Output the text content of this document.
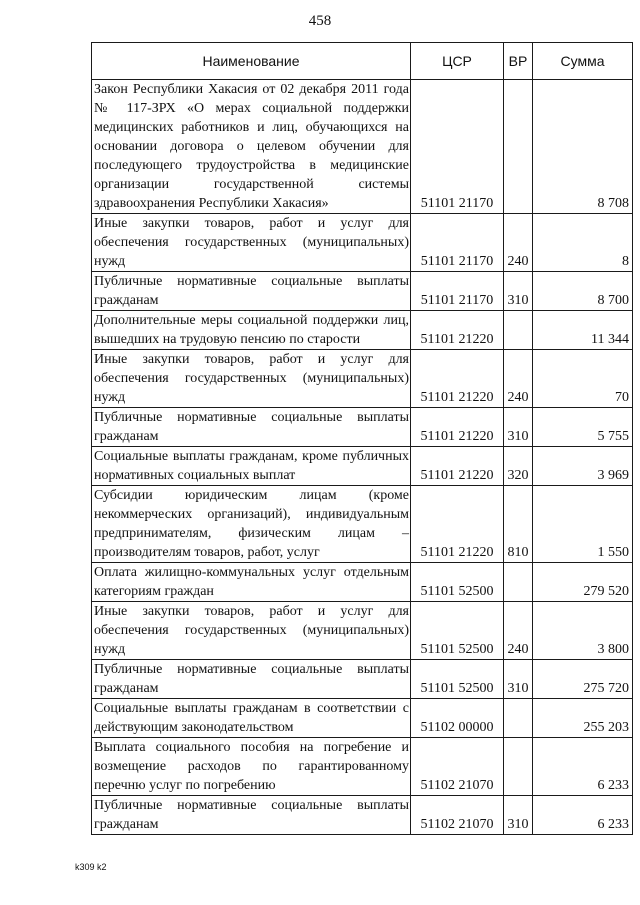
458
Наименование	ЦСР	ВР	Сумма
Закон Республики Хакасия от 02 декабря 2011 года № 117-ЗРХ «О мерах социальной поддержки медицинских работников и лиц, обучающихся на основании договора о целевом обучении для последующего трудоустройства в медицинские организации государственной системы здравоохранения Республики Хакасия»	51101 21170		8 708
Иные закупки товаров, работ и услуг для обеспечения государственных (муниципальных) нужд	51101 21170	240	8
Публичные нормативные социальные выплаты гражданам	51101 21170	310	8 700
Дополнительные меры социальной поддержки лиц, вышедших на трудовую пенсию по старости	51101 21220		11 344
Иные закупки товаров, работ и услуг для обеспечения государственных (муниципальных) нужд	51101 21220	240	70
Публичные нормативные социальные выплаты гражданам	51101 21220	310	5 755
Социальные выплаты гражданам, кроме публичных нормативных социальных выплат	51101 21220	320	3 969
Субсидии юридическим лицам (кроме некоммерческих организаций), индивидуальным предпринимателям, физическим лицам – производителям товаров, работ, услуг	51101 21220	810	1 550
Оплата жилищно-коммунальных услуг отдельным категориям граждан	51101 52500		279 520
Иные закупки товаров, работ и услуг для обеспечения государственных (муниципальных) нужд	51101 52500	240	3 800
Публичные нормативные социальные выплаты гражданам	51101 52500	310	275 720
Социальные выплаты гражданам в соответствии с действующим законодательством	51102 00000		255 203
Выплата социального пособия на погребение и возмещение расходов по гарантированному перечню услуг по погребению	51102 21070		6 233
Публичные нормативные социальные выплаты гражданам	51102 21070	310	6 233
k309 k2
